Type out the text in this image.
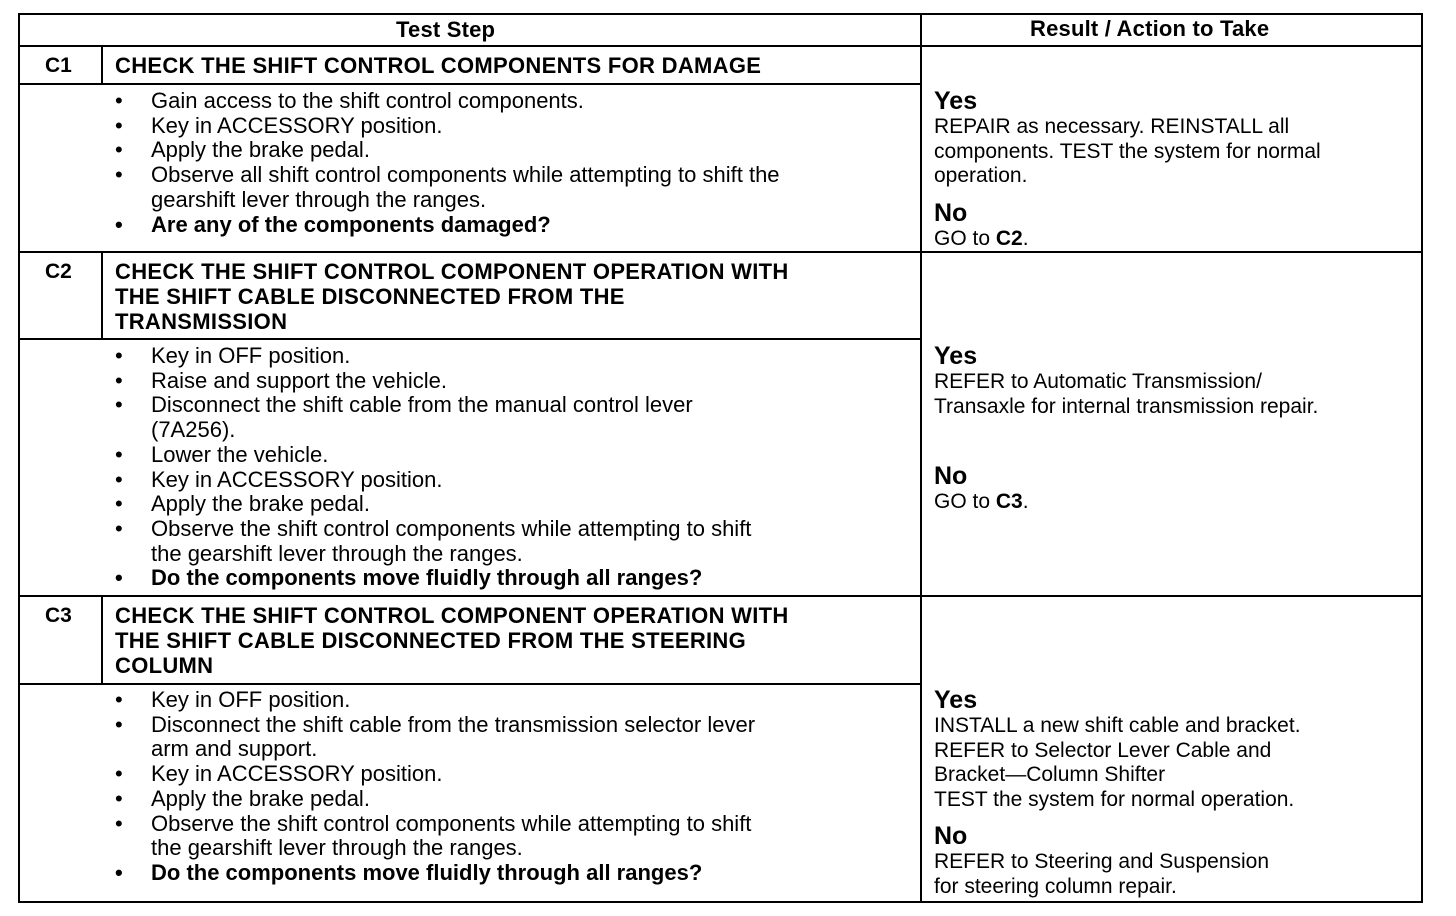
Test Step	Result / Action to Take
C1 CHECK THE SHIFT CONTROL COMPONENTS FOR DAMAGE
• Gain access to the shift control components.
• Key in ACCESSORY position.
• Apply the brake pedal.
• Observe all shift control components while attempting to shift the
gearshift lever through the ranges.
• Are any of the components damaged?
Yes
REPAIR as necessary. REINSTALL all
components. TEST the system for normal
operation.
No
GO to C2.
C2 CHECK THE SHIFT CONTROL COMPONENT OPERATION WITH
THE SHIFT CABLE DISCONNECTED FROM THE
TRANSMISSION
• Key in OFF position.
• Raise and support the vehicle.
• Disconnect the shift cable from the manual control lever
(7A256).
• Lower the vehicle.
• Key in ACCESSORY position.
• Apply the brake pedal.
• Observe the shift control components while attempting to shift
the gearshift lever through the ranges.
• Do the components move fluidly through all ranges?
Yes
REFER to Automatic Transmission/
Transaxle for internal transmission repair.
No
GO to C3.
C3 CHECK THE SHIFT CONTROL COMPONENT OPERATION WITH
THE SHIFT CABLE DISCONNECTED FROM THE STEERING
COLUMN
• Key in OFF position.
• Disconnect the shift cable from the transmission selector lever
arm and support.
• Key in ACCESSORY position.
• Apply the brake pedal.
• Observe the shift control components while attempting to shift
the gearshift lever through the ranges.
• Do the components move fluidly through all ranges?
Yes
INSTALL a new shift cable and bracket.
REFER to Selector Lever Cable and
Bracket—Column Shifter
TEST the system for normal operation.
No
REFER to Steering and Suspension
for steering column repair.
